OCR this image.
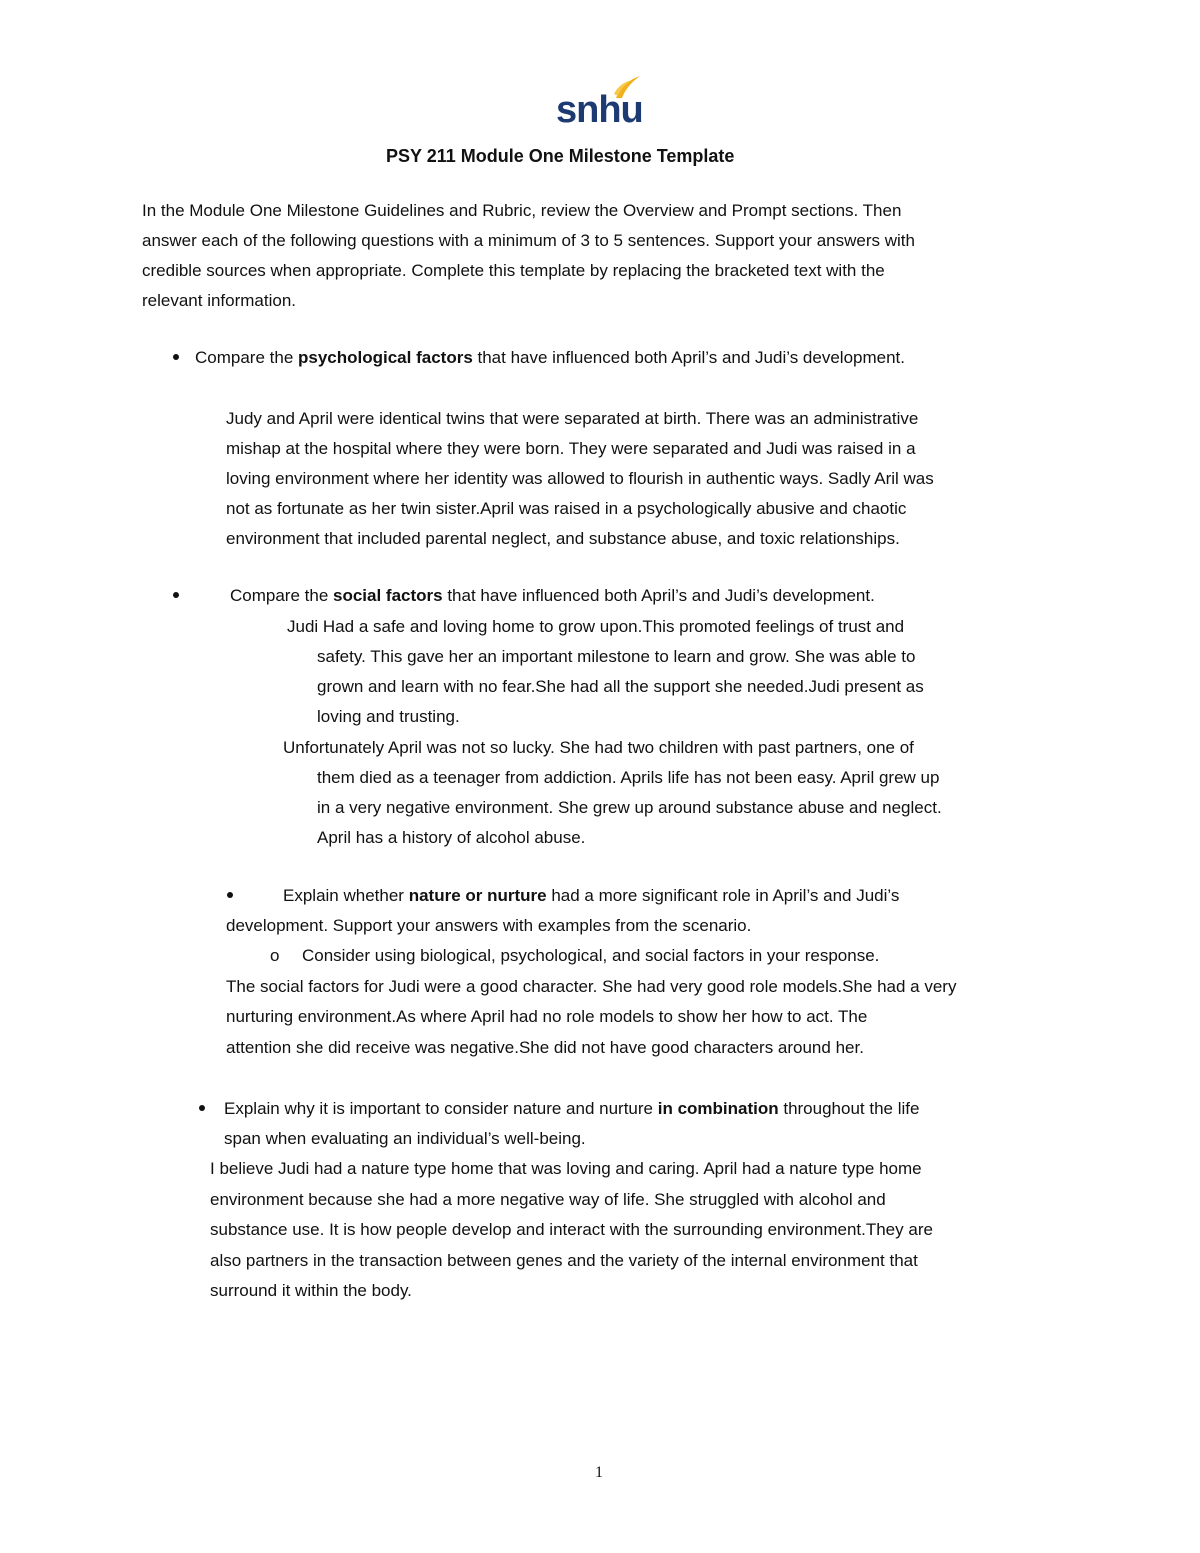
snhu
PSY 211 Module One Milestone Template
In the Module One Milestone Guidelines and Rubric, review the Overview and Prompt sections. Then
answer each of the following questions with a minimum of 3 to 5 sentences. Support your answers with
credible sources when appropriate. Complete this template by replacing the bracketed text with the
relevant information.
Compare the psychological factors that have influenced both April’s and Judi’s development.
Judy and April were identical twins that were separated at birth. There was an administrative
mishap at the hospital where they were born. They were separated and Judi was raised in a
loving environment where her identity was allowed to flourish in authentic ways. Sadly Aril was
not as fortunate as her twin sister.April was raised in a psychologically abusive and chaotic
environment that included parental neglect, and substance abuse, and toxic relationships.
Compare the social factors that have influenced both April’s and Judi’s development.
Judi Had a safe and loving home to grow upon.This promoted feelings of trust and
safety. This gave her an important milestone to learn and grow. She was able to
grown and learn with no fear.She had all the support she needed.Judi present as
loving and trusting.
Unfortunately April was not so lucky. She had two children with past partners, one of
them died as a teenager from addiction. Aprils life has not been easy. April grew up
in a very negative environment. She grew up around substance abuse and neglect.
April has a history of alcohol abuse.
Explain whether nature or nurture had a more significant role in April’s and Judi’s
development. Support your answers with examples from the scenario.
o Consider using biological, psychological, and social factors in your response.
The social factors for Judi were a good character. She had very good role models.She had a very
nurturing environment.As where April had no role models to show her how to act. The
attention she did receive was negative.She did not have good characters around her.
Explain why it is important to consider nature and nurture in combination throughout the life
span when evaluating an individual’s well-being.
I believe Judi had a nature type home that was loving and caring. April had a nature type home
environment because she had a more negative way of life. She struggled with alcohol and
substance use. It is how people develop and interact with the surrounding environment.They are
also partners in the transaction between genes and the variety of the internal environment that
surround it within the body.
1
